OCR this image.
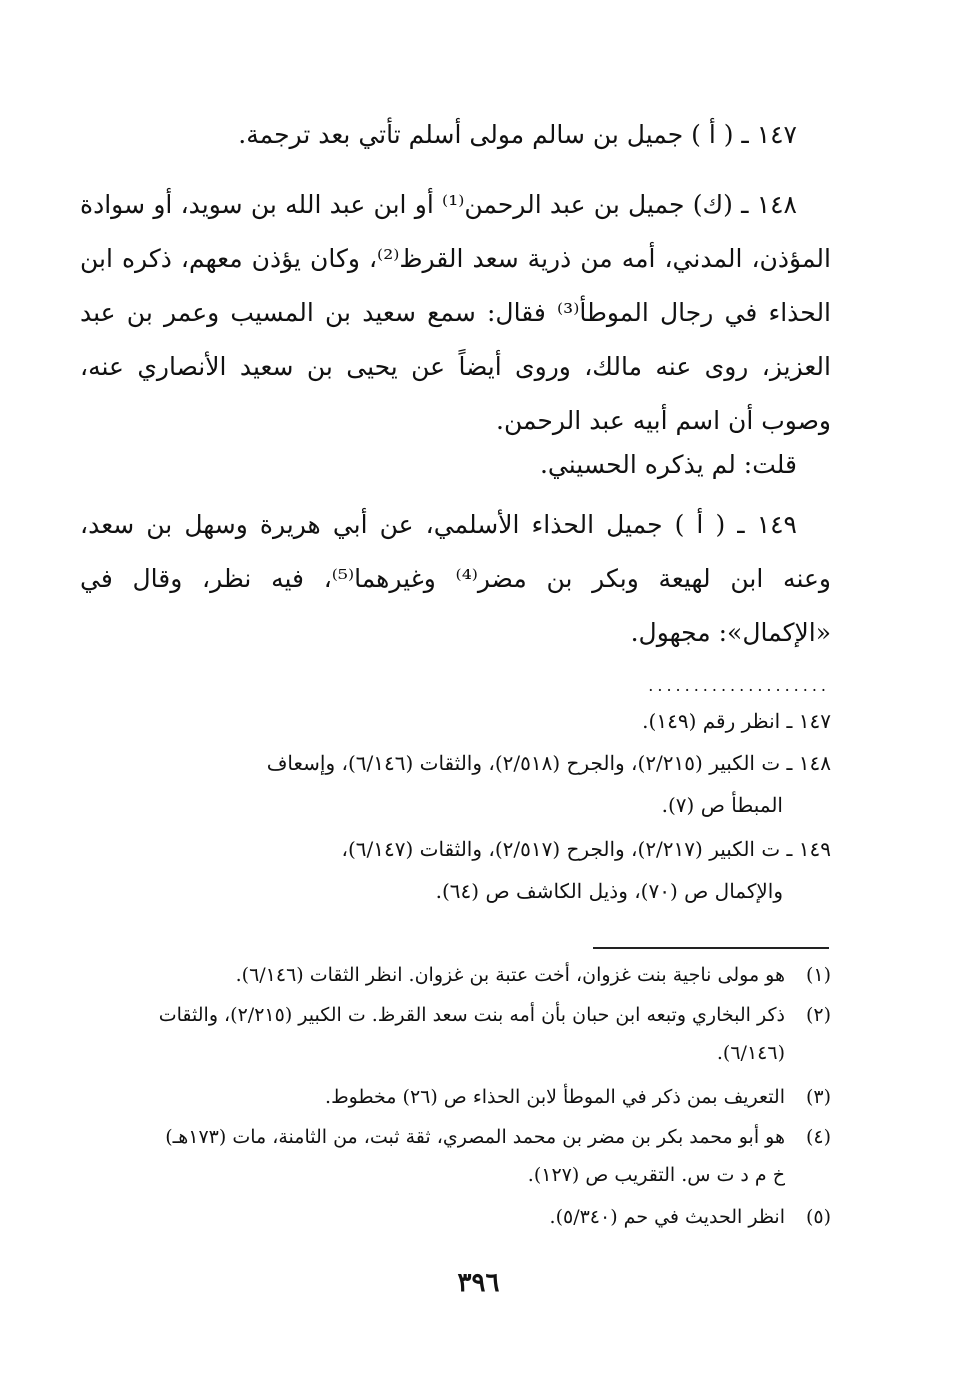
١٤٧ ـ ( أ ) جميل بن سالم مولى أسلم تأتي بعد ترجمة.

١٤٨ ـ (ك) جميل بن عبد الرحمن⁽¹⁾ أو ابن عبد الله بن سويد، أو سوادة المؤذن، المدني، أمه من ذرية سعد القرظ⁽²⁾، وكان يؤذن معهم، ذكره ابن الحذاء في رجال الموطأ⁽³⁾ فقال: سمع سعيد بن المسيب وعمر بن عبد العزيز، روى عنه مالك، وروى أيضاً عن يحيى بن سعيد الأنصاري عنه، وصوب أن اسم أبيه عبد الرحمن.

قلت: لم يذكره الحسيني.

١٤٩ ـ ( أ ) جميل الحذاء الأسلمي، عن أبي هريرة وسهل بن سعد، وعنه ابن لهيعة وبكر بن مضر⁽⁴⁾ وغيرهما⁽⁵⁾، فيه نظر، وقال في «الإكمال»: مجهول.

....................
١٤٧ ـ انظر رقم (١٤٩).
١٤٨ ـ ت الكبير (٢/٢١٥)، والجرح (٢/٥١٨)، والثقات (٦/١٤٦)، وإسعاف
المبطأ ص (٧).
١٤٩ ـ ت الكبير (٢/٢١٧)، والجرح (٢/٥١٧)، والثقات (٦/١٤٧)،
والإكمال ص (٧٠)، وذيل الكاشف ص (٦٤).
(١)هو مولى ناجية بنت غزوان، أخت عتبة بن غزوان. انظر الثقات (٦/١٤٦).
(٢)ذكر البخاري وتبعه ابن حبان بأن أمه بنت سعد القرظ. ت الكبير (٢/٢١٥)، والثقات
(٦/١٤٦).
(٣)التعريف بمن ذكر في الموطأ لابن الحذاء ص (٢٦) مخطوط.
(٤)هو أبو محمد بكر بن مضر بن محمد المصري، ثقة ثبت، من الثامنة، مات (١٧٣هـ)
خ م د ت س. التقريب ص (١٢٧).
(٥)انظر الحديث في حم (٥/٣٤٠).
٣٩٦
